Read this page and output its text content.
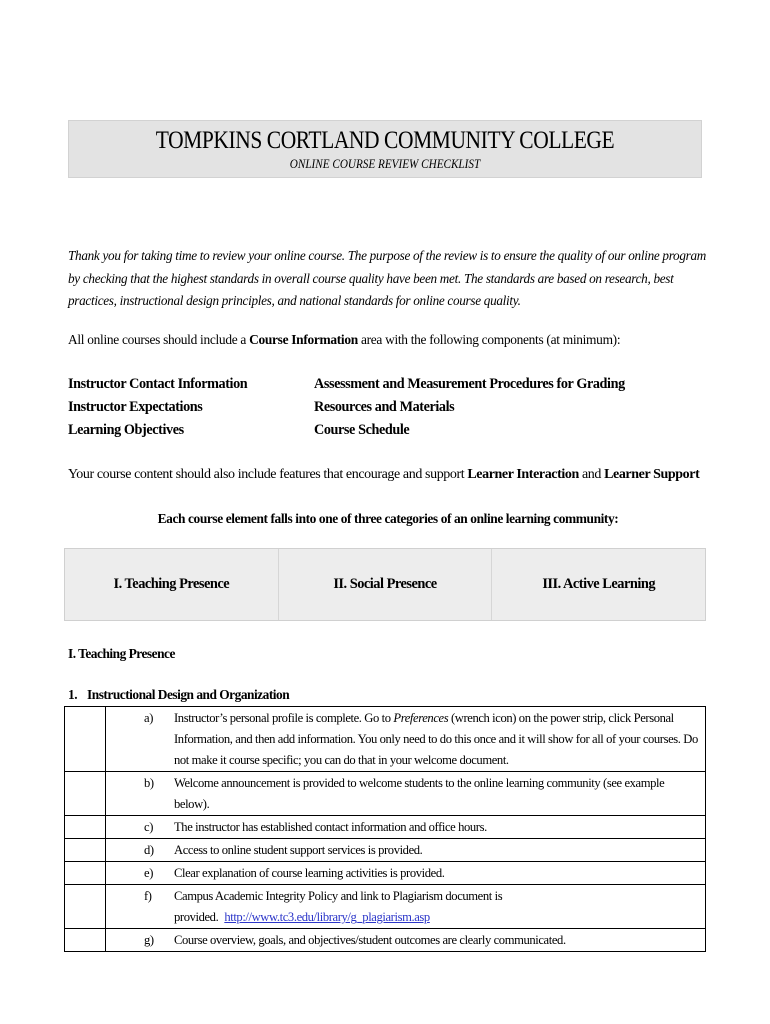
TOMPKINS CORTLAND COMMUNITY COLLEGE
ONLINE COURSE REVIEW CHECKLIST
Thank you for taking time to review your online course. The purpose of the review is to ensure the quality of our online program by checking that the highest standards in overall course quality have been met. The standards are based on research, best practices, instructional design principles, and national standards for online course quality.
All online courses should include a Course Information area with the following components (at minimum):
Instructor Contact Information
Instructor Expectations
Learning Objectives
Assessment and Measurement Procedures for Grading
Resources and Materials
Course Schedule
Your course content should also include features that encourage and support Learner Interaction and Learner Support
Each course element falls into one of three categories of an online learning community:
I. Teaching Presence	II. Social Presence	III. Active Learning
I. Teaching Presence
1. Instructional Design and Organization

	a) Instructor’s personal profile is complete. Go to Preferences (wrench icon) on the power strip, click Personal Information, and then add information. You only need to do this once and it will show for all of your courses. Do not make it course specific; you can do that in your welcome document.

	b) Welcome announcement is provided to welcome students to the online learning community (see example below).

	c) The instructor has established contact information and office hours.

	d) Access to online student support services is provided.

	e) Clear explanation of course learning activities is provided.

	f) Campus Academic Integrity Policy and link to Plagiarism document is provided. http://www.tc3.edu/library/g_plagiarism.asp

	g) Course overview, goals, and objectives/student outcomes are clearly communicated.
